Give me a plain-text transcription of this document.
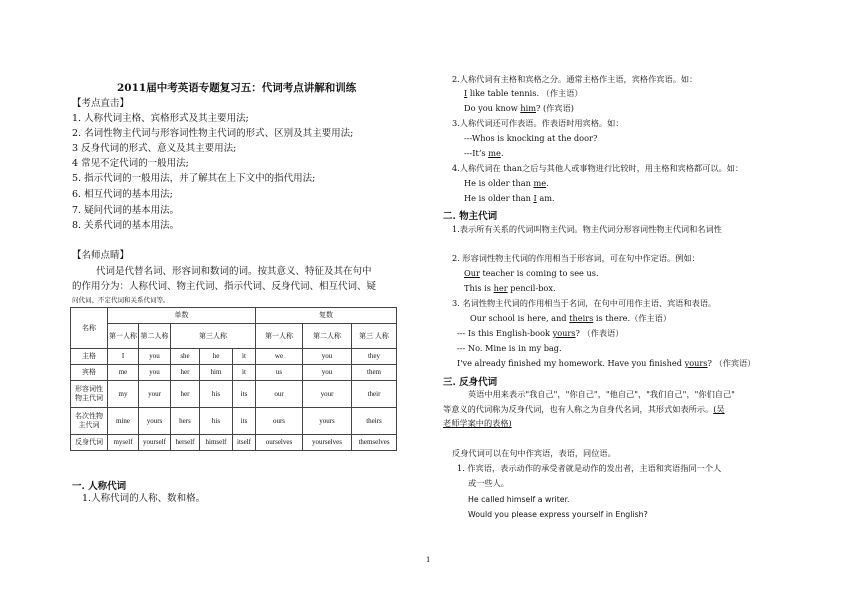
2011届中考英语专题复习五：代词考点讲解和训练
【考点直击】
1. 人称代词主格、宾格形式及其主要用法;
2. 名词性物主代词与形容词性物主代词的形式、区别及其主要用法;
3 反身代词的形式、意义及其主要用法;
4 常见不定代词的一般用法;
5. 指示代词的一般用法，并了解其在上下文中的指代用法;
6. 相互代词的基本用法;
7. 疑问代词的基本用法。
8. 关系代词的基本用法。
【名师点睛】
代词是代替名词、形容词和数词的词。按其意义、特征及其在句中
的作用分为：人称代词、物主代词、指示代词、反身代词、相互代词、疑
问代词、不定代词和关系代词等。
名称	单数					复数		
	第一人称	第二人称	第三人称			第一人称	第二人称	第三 人称
主格	I	you	she	he	it	we	you	they
宾格	me	you	her	him	it	us	you	them
形容词性物主代词	my	your	her	his	its	our	your	their
名次性物主代词	mine	yours	hers	his	its	ours	yours	theirs
反身代词	myself	yourself	herself	himself	itself	ourselves	yourselves	themselves
一. 人称代词
1.人称代词的人称、数和格。
2.人称代词有主格和宾格之分。通常主格作主语，宾格作宾语。如：
I like table tennis. （作主语）
Do you know him? (作宾语)
3.人称代词还可作表语。作表语时用宾格。如：
---Whos is knocking at the door?
---It’s me.
4.人称代词在 than之后与其他人或事物进行比较时，用主格和宾格都可以。如：
He is older than me.
He is older than I am.
二. 物主代词
1.表示所有关系的代词叫物主代词。物主代词分形容词性物主代词和名词性
2. 形容词性物主代词的作用相当于形容词，可在句中作定语。例如：
Our teacher is coming to see us.
This is her pencil-box.
3. 名词性物主代词的作用相当于名词，在句中可用作主语、宾语和表语。
Our school is here, and theirs is there.（作主语）
--- Is this English-book yours? （作表语）
--- No. Mine is in my bag.
I've already finished my homework. Have you finished yours? （作宾语）
三. 反身代词
英语中用来表示"我自己"，"你自己"，"他自己"，"我们自己"，"你们自己"
等意义的代词称为反身代词，也有人称之为自身代名词，其形式如表所示。(吴
老师学案中的表格)
反身代词可以在句中作宾语，表语，同位语。
1. 作宾语，表示动作的承受者就是动作的发出者，主语和宾语指同一个人
或一些人。
He called himself a writer.
Would you please express yourself in English?
1
